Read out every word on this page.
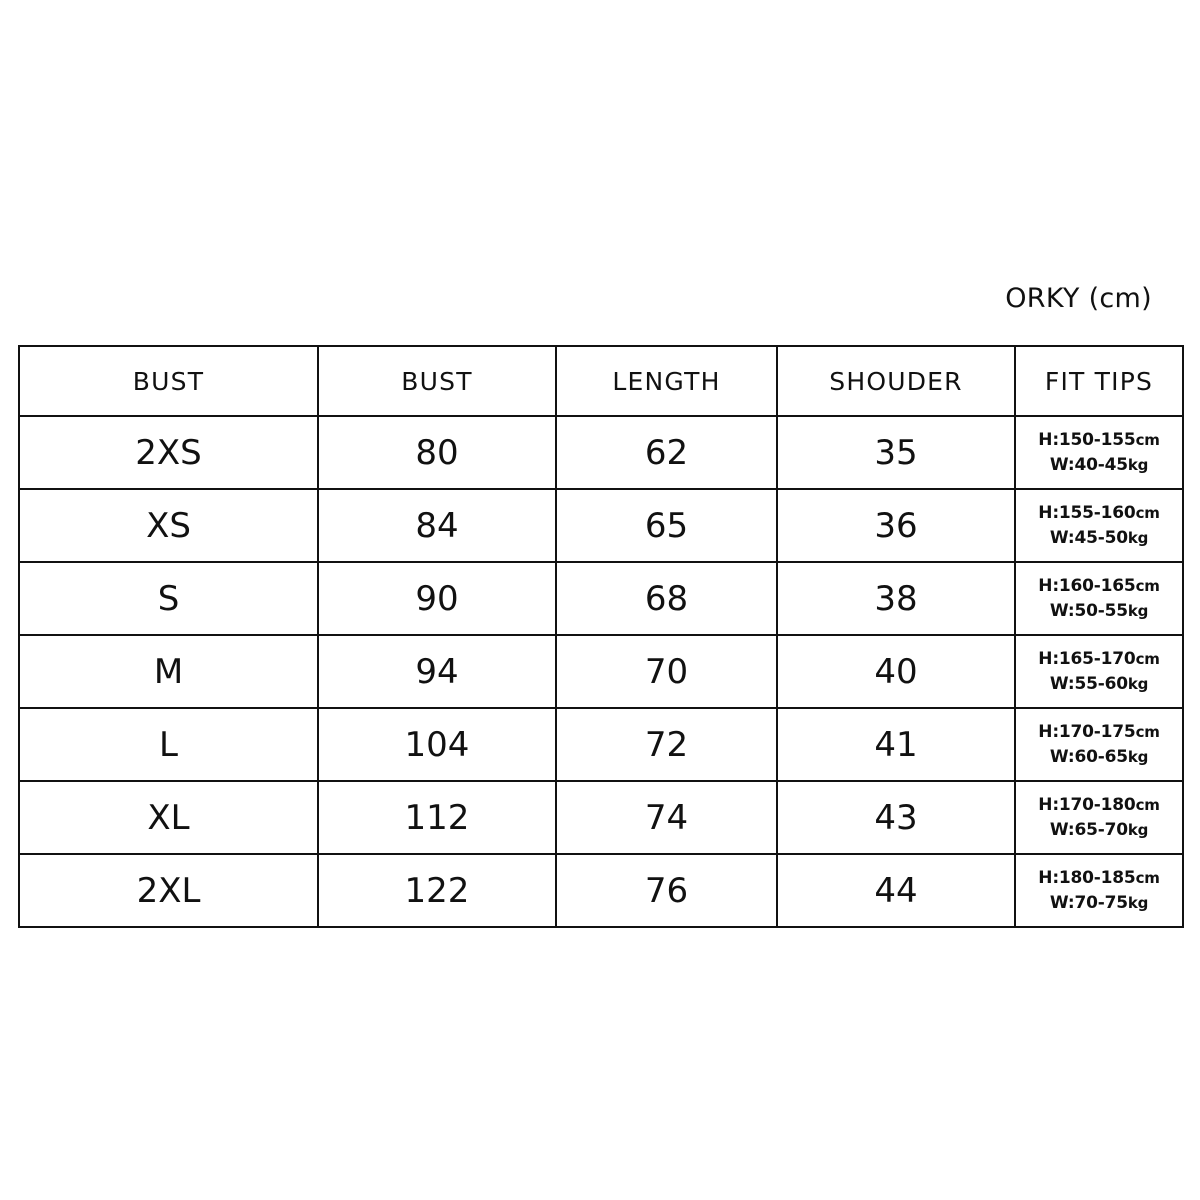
ORKY (cm)
BUST	BUST	LENGTH	SHOUDER	FIT TIPS
2XS	80	62	35	H:150-155cm
W:40-45kg

XS	84	65	36	H:155-160cm
W:45-50kg

S	90	68	38	H:160-165cm
W:50-55kg

M	94	70	40	H:165-170cm
W:55-60kg

L	104	72	41	H:170-175cm
W:60-65kg

XL	112	74	43	H:170-180cm
W:65-70kg

2XL	122	76	44	H:180-185cm
W:70-75kg
